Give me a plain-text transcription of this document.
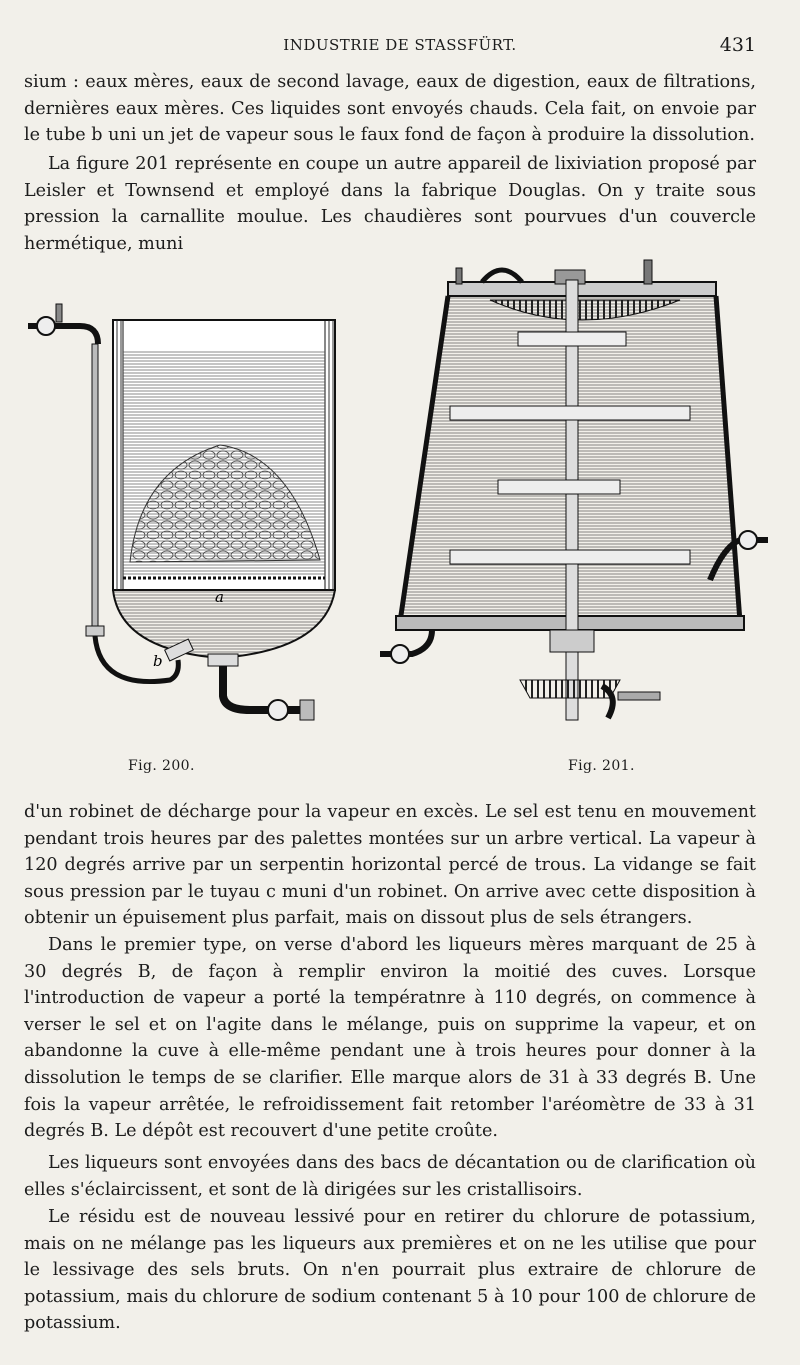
INDUSTRIE DE STASSFÜRT.	431

sium : eaux mères, eaux de second lavage, eaux de digestion, eaux de filtrations, dernières eaux mères. Ces liquides sont envoyés chauds. Cela fait, on envoie par le tube b uni un jet de vapeur sous le faux fond de façon à produire la dissolution.

La figure 201 représente en coupe un autre appareil de lixiviation proposé par Leisler et Townsend et employé dans la fabrique Douglas. On y traite sous pression la carnallite moulue. Les chaudières sont pourvues d'un couvercle hermétique, muni

a
b
Fig. 200.	Fig. 201.

d'un robinet de décharge pour la vapeur en excès. Le sel est tenu en mouvement pendant trois heures par des palettes montées sur un arbre vertical. La vapeur à 120 degrés arrive par un serpentin horizontal percé de trous. La vidange se fait sous pression par le tuyau c muni d'un robinet. On arrive avec cette disposition à obtenir un épuisement plus parfait, mais on dissout plus de sels étrangers.

Dans le premier type, on verse d'abord les liqueurs mères marquant de 25 à 30 degrés B, de façon à remplir environ la moitié des cuves. Lorsque l'introduction de vapeur a porté la températnre à 110 degrés, on commence à verser le sel et on l'agite dans le mélange, puis on supprime la vapeur, et on abandonne la cuve à elle-même pendant une à trois heures pour donner à la dissolution le temps de se clarifier. Elle marque alors de 31 à 33 degrés B. Une fois la vapeur arrêtée, le refroidissement fait retomber l'aréomètre de 33 à 31 degrés B. Le dépôt est recouvert d'une petite croûte.

Les liqueurs sont envoyées dans des bacs de décantation ou de clarification où elles s'éclaircissent, et sont de là dirigées sur les cristallisoirs.

Le résidu est de nouveau lessivé pour en retirer du chlorure de potassium, mais on ne mélange pas les liqueurs aux premières et on ne les utilise que pour le lessivage des sels bruts. On n'en pourrait plus extraire de chlorure de potassium, mais du chlorure de sodium contenant 5 à 10 pour 100 de chlorure de potassium.
